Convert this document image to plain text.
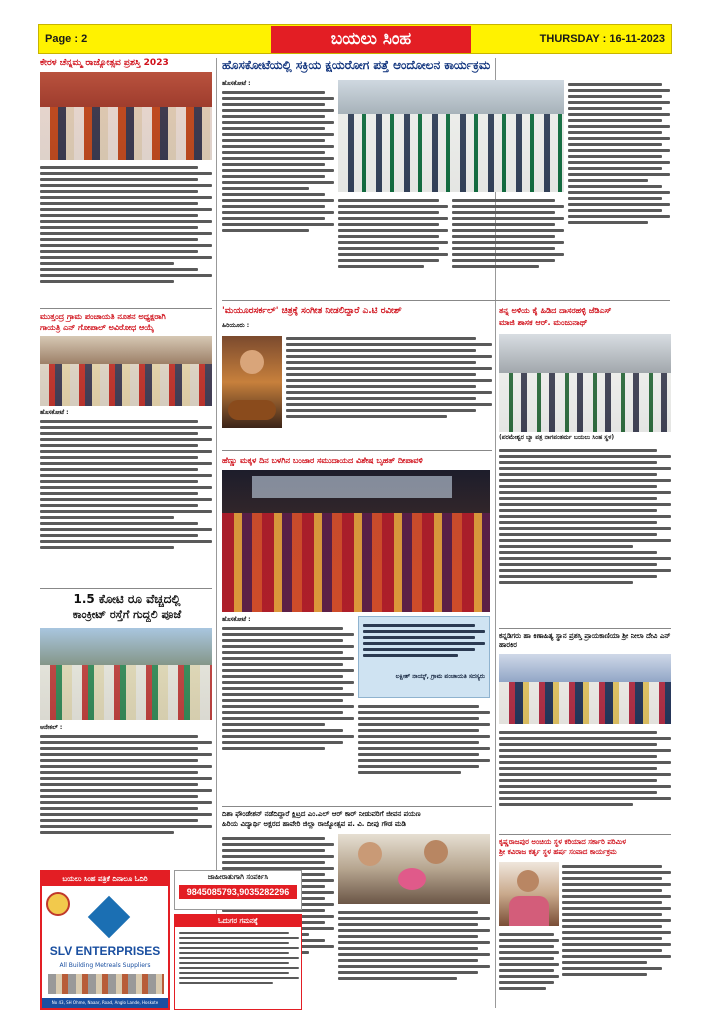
Page : 2	ಬಯಲು ಸಿಂಹ	THURSDAY : 16-11-2023
ಕೇರಳ ಚೆನ್ನಮ್ಮ ರಾಜ್ಯೋತ್ಸವ ಪ್ರಶಸ್ತಿ 2023
ಮುತ್ತಂದ್ರ ಗ್ರಾಮ ಪಂಚಾಯತಿ ನೂತನ ಅಧ್ಯಕ್ಷರಾಗಿ
ಗಾಯತ್ರಿ ಎನ್ ಗೋಪಾಲ್ ಅವಿರೋಧ ಆಯ್ಕೆ
ಹೊಸಕೋಟೆ :
1.5 ಕೋಟಿ ರೂ ವೆಚ್ಚದಲ್ಲಿ
ಕಾಂಕ್ರೀಟ್ ರಸ್ತೆಗೆ ಗುದ್ದಲಿ ಪೂಜೆ
ಆನೇಕಲ್ :
ಬಯಲು ಸಿಂಹ ಪತ್ರಿಕೆ ದಿನಾಲೂ ಓದಿರಿ
SLV ENTERPRISES
All Building Metreals Suppliers
No 43, SH Ohme, Naaar, Road, Anglo Lande, Hoskote
ಹೊಸಕೋಟೆಯಲ್ಲಿ ಸಕ್ರಿಯ ಕ್ಷಯರೋಗ ಪತ್ತೆ ಆಂದೋಲನ ಕಾರ್ಯಕ್ರಮ
ಹೊಸಕೋಟೆ :
'ಮಯೂರಸರ್ಕಲ್' ಚಿತ್ರಕ್ಕೆ ಸಂಗೀತ ನೀಡಲಿದ್ದಾರೆ ಎ.ಟಿ ರವೀಶ್
ಹಿರಿಯೂರು :
ಹೆಣ್ಣು ಮಕ್ಕಳ ದಿನ ಬಳಗಿನ ಬಂಜಾರ ಸಮುದಾಯದ ವಿಶೇಷ ಬೃಹತ್ ದೀಪಾವಳಿ
ಹೊಸಕೋಟೆ :
ಲಕ್ಷೀಶ್ ನಾಯ್ಕ್, ಗ್ರಾಮ ಪಂಚಾಯತಿ ಸದಸ್ಯರು
ದಿಶಾ ಫೌಂಡೇಶನ್ ನಡೆದಿದ್ದಾರೆ ಕ್ಲಿಟ್ರದ ಎಂ.ಎಲ್ ಆರ್ ಕಾರ್ ನೀಡುವರಿಗೆ ಜೀವನ ಪಯಣ
ಹಿರಿಯ ವಿದ್ಯಾರ್ಥಿ ಅಕ್ಷರದ ಹಾವೇರಿ ಜಿಲ್ಲಾ ರಾಜ್ಯೋತ್ಸವ ಪ. ವಿ. ದೀಪು ಗೌಡ ಮಡಿ
ಜಾಹೀರಾತುಗಾಗಿ ಸಂಪರ್ಕಿಸಿ
9845085793,9035282296
ಓದುಗರ ಗಮನಕ್ಕೆ
ತನ್ನ ಅಳಿಯ ಕೈ ಹಿಡಿದ ದಾಸರಹಳ್ಳಿ ಜೆಡಿಎಸ್
ಮಾಜಿ ಶಾಸಕ ಆರ್. ಮಂಜುನಾಥ್
(ಪರಮೇಶ್ವರ ಬ್ಯಾ ಪತ್ರ ನಾಗಪಂತರ್ಮ ಬಯಲು ಸಿಂಹ ಸ್ಥಳ)
ಕನ್ನಡಿಗರು ಹಾ ಕಿಣಾಹಿತ್ಯ ಸ್ಥಾನ ಪ್ರಶಸ್ತಿ ಪ್ರಾಯಕಾಣಿಯಾ ಶ್ರೀ ನೀಲಾ ದೇವಿ ಎನ್ ಹಾರಕಿರ
ಕೃಷ್ಣರಾಜಪುರ ಅಂಚಿಯ ಸ್ಥಳ ಕರಿಯಾದ ಸರ್ಕಾರಿ ಪರಿಮಿಳ
ಶ್ರೀ ಕವಿರಾಜ ಕರ್ತೃ ಸ್ಥಳ ಹರ್ಷ ಸಂವಾದ ಕಾರ್ಯಕ್ರಮ
